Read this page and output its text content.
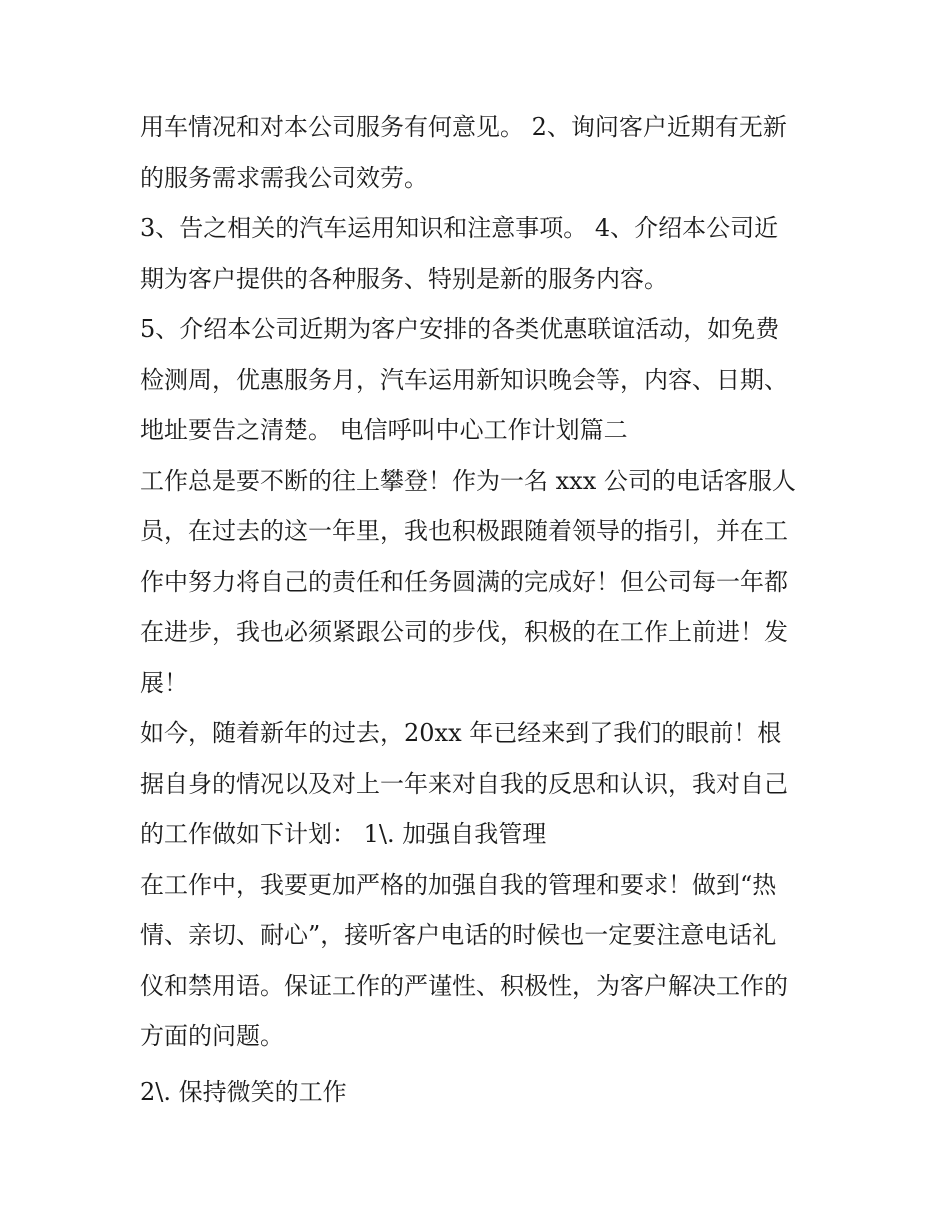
用车情况和对本公司服务有何意见。 2、询问客户近期有无新
的服务需求需我公司效劳。
3、告之相关的汽车运用知识和注意事项。 4、介绍本公司近
期为客户提供的各种服务、特别是新的服务内容。
5、介绍本公司近期为客户安排的各类优惠联谊活动，如免费
检测周，优惠服务月，汽车运用新知识晚会等，内容、日期、
地址要告之清楚。 电信呼叫中心工作计划篇二
工作总是要不断的往上攀登！作为一名 xxx 公司的电话客服人
员，在过去的这一年里，我也积极跟随着领导的指引，并在工
作中努力将自己的责任和任务圆满的完成好！但公司每一年都
在进步，我也必须紧跟公司的步伐，积极的在工作上前进！发
展！
如今，随着新年的过去，20xx 年已经来到了我们的眼前！根
据自身的情况以及对上一年来对自我的反思和认识，我对自己
的工作做如下计划： 1\. 加强自我管理
在工作中，我要更加严格的加强自我的管理和要求！做到“热
情、亲切、耐心”，接听客户电话的时候也一定要注意电话礼
仪和禁用语。保证工作的严谨性、积极性，为客户解决工作的
方面的问题。
2\. 保持微笑的工作
